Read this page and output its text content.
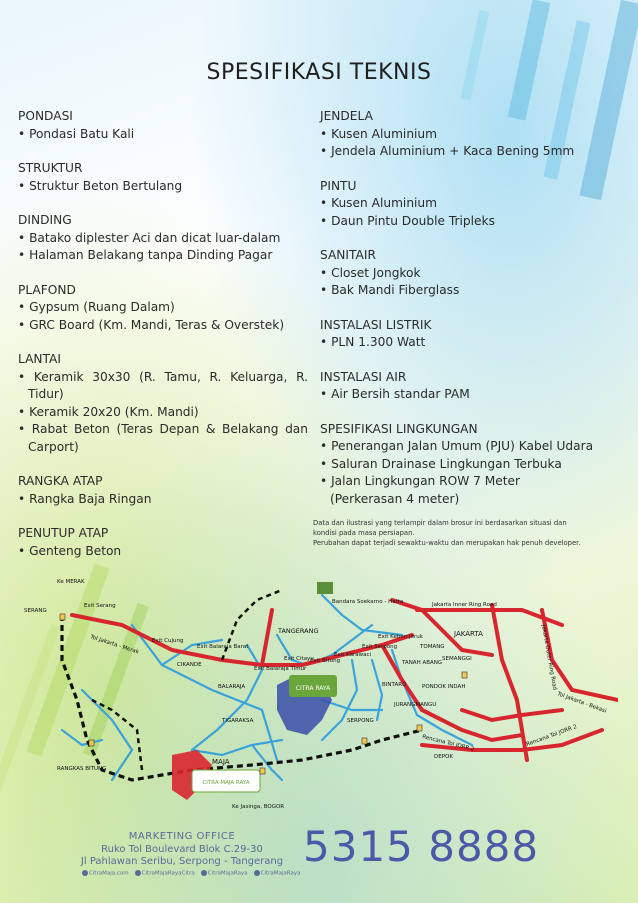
SPESIFIKASI TEKNIS
PONDASI
• Pondasi Batu Kali
STRUKTUR
• Struktur Beton Bertulang
DINDING
• Batako diplester Aci dan dicat luar-dalam
• Halaman Belakang tanpa Dinding Pagar
PLAFOND
• Gypsum (Ruang Dalam)
• GRC Board (Km. Mandi, Teras & Overstek)
LANTAI
• Keramik 30x30 (R. Tamu, R. Keluarga, R. Tidur)
• Keramik 20x20 (Km. Mandi)
• Rabat Beton (Teras Depan & Belakang dan Carport)
RANGKA ATAP
• Rangka Baja Ringan
PENUTUP ATAP
• Genteng Beton
JENDELA
• Kusen Aluminium
• Jendela Aluminium + Kaca Bening 5mm
PINTU
• Kusen Aluminium
• Daun Pintu Double Tripleks
SANITAIR
• Closet Jongkok
• Bak Mandi Fiberglass
INSTALASI LISTRIK
• PLN 1.300 Watt
INSTALASI AIR
• Air Bersih standar PAM
SPESIFIKASI LINGKUNGAN
• Penerangan Jalan Umum (PJU) Kabel Udara
• Saluran Drainase Lingkungan Terbuka
• Jalan Lingkungan ROW 7 Meter
(Perkerasan 4 meter)
Data dan ilustrasi yang terlampir dalam brosur ini berdasarkan situasi dan
kondisi pada masa persiapan.
Perubahan dapat terjadi sewaktu-waktu dan merupakan hak penuh developer.
CITRA RAYA
CITRA MAJA RAYA
Ke MERAK
SERANG
Exit Serang
Tol Jakarta - Merak Exit Cujung
Exit Balaraja Barat
Exit Balaraja Timur
Exit Citayu
Exit Bitung
Exit Karawaci
Exit Serpong
Exit Kebon Jeruk
CIKANDE
BALARAJA
TIGARAKSA
TANGERANG
Bandara Soekarno - Hatta	Jakarta Inner Ring Road
JAKARTA
TOMANG
SEMANGGI
TANAH ABANG
PONDOK INDAH
BINTARO
JURANGMANGU
SERPONG
DEPOK
MAJA
RANGKAS BITUNG
Ke Jasinga, BOGOR
Rencana Tol JORR 2	Rencana Tol JORR 2
Tol Jakarta - Bekasi
Jakarta Outer Ring Road
MARKETING OFFICE
Ruko Tol Boulevard Blok C.29-30
Jl Pahlawan Seribu, Serpong - Tangerang
CitraMaja.com	CitraMajaRayaCitra	CitraMajaRaya	CitraMajaRaya
5315 8888
